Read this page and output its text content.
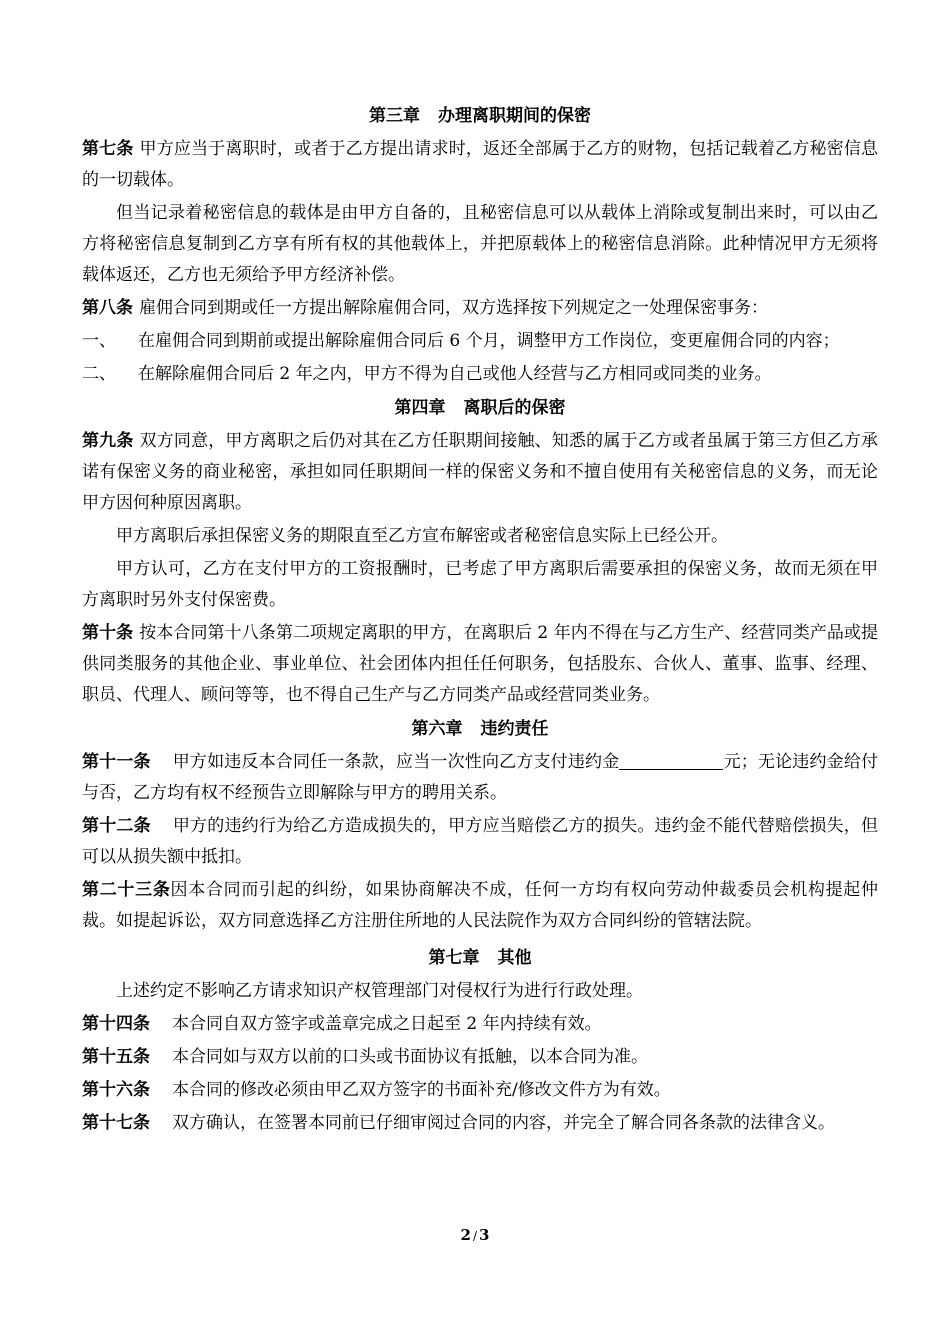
第三章 办理离职期间的保密

第七条 甲方应当于离职时，或者于乙方提出请求时，返还全部属于乙方的财物，包括记载着乙方秘密信息的一切载体。

但当记录着秘密信息的载体是由甲方自备的，且秘密信息可以从载体上消除或复制出来时，可以由乙方将秘密信息复制到乙方享有所有权的其他载体上，并把原载体上的秘密信息消除。此种情况甲方无须将载体返还，乙方也无须给予甲方经济补偿。

第八条 雇佣合同到期或任一方提出解除雇佣合同，双方选择按下列规定之一处理保密事务：

一、	在雇佣合同到期前或提出解除雇佣合同后 6 个月，调整甲方工作岗位，变更雇佣合同的内容；
二、	在解除雇佣合同后 2 年之内，甲方不得为自己或他人经营与乙方相同或同类的业务。
第四章 离职后的保密

第九条 双方同意，甲方离职之后仍对其在乙方任职期间接触、知悉的属于乙方或者虽属于第三方但乙方承诺有保密义务的商业秘密，承担如同任职期间一样的保密义务和不擅自使用有关秘密信息的义务，而无论甲方因何种原因离职。

甲方离职后承担保密义务的期限直至乙方宣布解密或者秘密信息实际上已经公开。

甲方认可，乙方在支付甲方的工资报酬时，已考虑了甲方离职后需要承担的保密义务，故而无须在甲方离职时另外支付保密费。

第十条 按本合同第十八条第二项规定离职的甲方，在离职后 2 年内不得在与乙方生产、经营同类产品或提供同类服务的其他企业、事业单位、社会团体内担任任何职务，包括股东、合伙人、董事、监事、经理、职员、代理人、顾问等等，也不得自己生产与乙方同类产品或经营同类业务。

第六章 违约责任

第十一条 甲方如违反本合同任一条款，应当一次性向乙方支付违约金	元；无论违约金给付与否，乙方均有权不经预告立即解除与甲方的聘用关系。

第十二条 甲方的违约行为给乙方造成损失的，甲方应当赔偿乙方的损失。违约金不能代替赔偿损失，但可以从损失额中抵扣。

第二十三条因本合同而引起的纠纷，如果协商解决不成，任何一方均有权向劳动仲裁委员会机构提起仲裁。如提起诉讼，双方同意选择乙方注册住所地的人民法院作为双方合同纠纷的管辖法院。

第七章 其他

上述约定不影响乙方请求知识产权管理部门对侵权行为进行行政处理。

第十四条 本合同自双方签字或盖章完成之日起至 2 年内持续有效。

第十五条 本合同如与双方以前的口头或书面协议有抵触，以本合同为准。

第十六条 本合同的修改必须由甲乙双方签字的书面补充/修改文件方为有效。

第十七条 双方确认，在签署本同前已仔细审阅过合同的内容，并完全了解合同各条款的法律含义。

2 / 3
